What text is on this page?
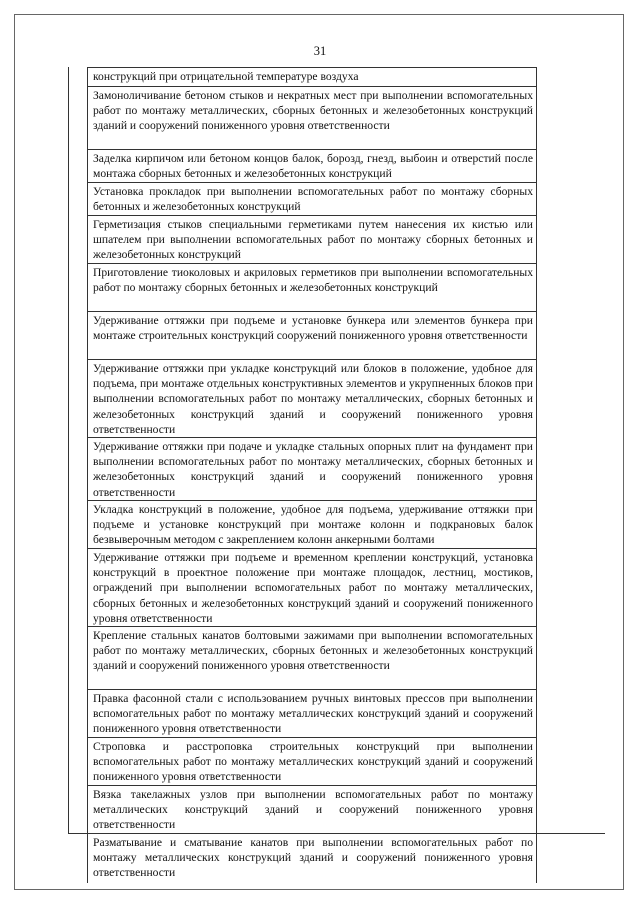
31
конструкций при отрицательной температуре воздуха
Замоноличивание бетоном стыков и некратных мест при выполнении вспомогательных работ по монтажу металлических, сборных бетонных и железобетонных конструкций зданий и сооружений пониженного уровня ответственности
Заделка кирпичом или бетоном концов балок, борозд, гнезд, выбоин и отверстий после монтажа сборных бетонных и железобетонных конструкций
Установка прокладок при выполнении вспомогательных работ по монтажу сборных бетонных и железобетонных конструкций
Герметизация стыков специальными герметиками путем нанесения их кистью или шпателем при выполнении вспомогательных работ по монтажу сборных бетонных и железобетонных конструкций
Приготовление тиоколовых и акриловых герметиков при выполнении вспомогательных работ по монтажу сборных бетонных и железобетонных конструкций
Удерживание оттяжки при подъеме и установке бункера или элементов бункера при монтаже строительных конструкций сооружений пониженного уровня ответственности
Удерживание оттяжки при укладке конструкций или блоков в положение, удобное для подъема, при монтаже отдельных конструктивных элементов и укрупненных блоков при выполнении вспомогательных работ по монтажу металлических, сборных бетонных и железобетонных конструкций зданий и сооружений пониженного уровня ответственности
Удерживание оттяжки при подаче и укладке стальных опорных плит на фундамент при выполнении вспомогательных работ по монтажу металлических, сборных бетонных и железобетонных конструкций зданий и сооружений пониженного уровня ответственности
Укладка конструкций в положение, удобное для подъема, удерживание оттяжки при подъеме и установке конструкций при монтаже колонн и подкрановых балок безвыверочным методом с закреплением колонн анкерными болтами
Удерживание оттяжки при подъеме и временном креплении конструкций, установка конструкций в проектное положение при монтаже площадок, лестниц, мостиков, ограждений при выполнении вспомогательных работ по монтажу металлических, сборных бетонных и железобетонных конструкций зданий и сооружений пониженного уровня ответственности
Крепление стальных канатов болтовыми зажимами при выполнении вспомогательных работ по монтажу металлических, сборных бетонных и железобетонных конструкций зданий и сооружений пониженного уровня ответственности
Правка фасонной стали с использованием ручных винтовых прессов при выполнении вспомогательных работ по монтажу металлических конструкций зданий и сооружений пониженного уровня ответственности
Строповка и расстроповка строительных конструкций при выполнении вспомогательных работ по монтажу металлических конструкций зданий и сооружений пониженного уровня ответственности
Вязка такелажных узлов при выполнении вспомогательных работ по монтажу металлических конструкций зданий и сооружений пониженного уровня ответственности
Разматывание и сматывание канатов при выполнении вспомогательных работ по монтажу металлических конструкций зданий и сооружений пониженного уровня ответственности
